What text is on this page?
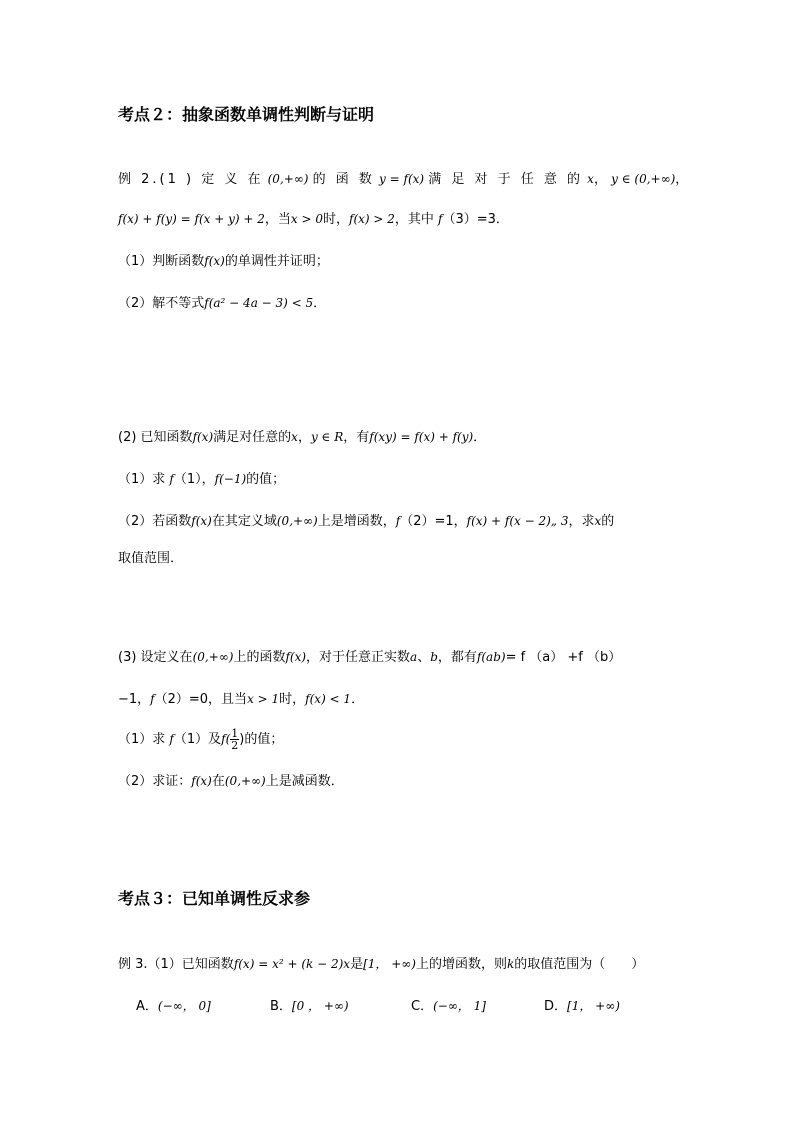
考点２：抽象函数单调性判断与证明
例 2.(1 ) 定 义 在 (0,+∞) 的 函 数 y = f(x) 满 足 对 于 任 意 的 x， y ∈ (0,+∞)，
f(x) + f(y) = f(x + y) + 2，当x > 0时，f(x) > 2，其中 f（3）=3．
（1）判断函数f(x)的单调性并证明；
（2）解不等式f(a² − 4a − 3) < 5．
(2) 已知函数f(x)满足对任意的x，y ∈ R，有f(xy) = f(x) + f(y)．
（1）求 f（1），f(−1)的值；
（2）若函数f(x)在其定义域(0,+∞)上是增函数，f（2）=1，f(x) + f(x − 2)„ 3，求x的
取值范围．
(3) 设定义在(0,+∞)上的函数f(x)，对于任意正实数a、b，都有f(ab)= f （a） +f （b）
−1，f（2）=0，且当x > 1时，f(x) < 1．
（1）求 f（1）及$f( \frac{1}{2}$ )的值；
（2）求证：f(x)在(0,+∞)上是减函数．
考点３：已知单调性反求参
例 3.（1）已知函数f(x) = x² + (k − 2)x是[1， +∞)上的增函数，则k的取值范围为（　　）
A．(−∞， 0]	B．[0 ， +∞)	C．(−∞， 1]	D．[1， +∞)
